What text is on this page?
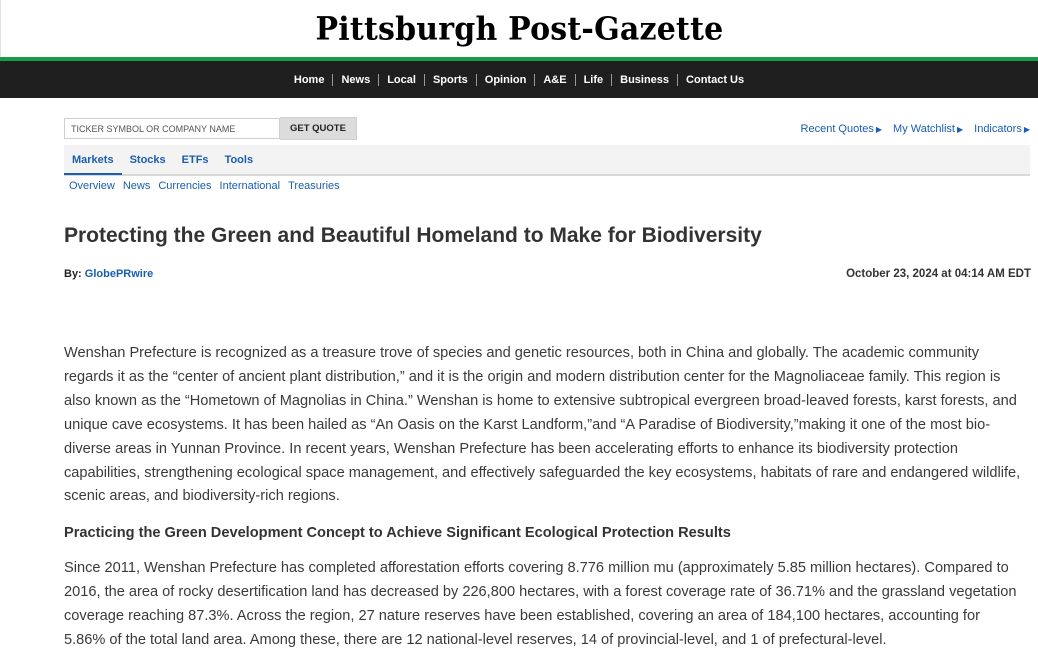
Pittsburgh Post-Gazette
Home	News	Local	Sports	Opinion	A&E	Life	Business	Contact Us
TICKER SYMBOL OR COMPANY NAME
GET QUOTE	Recent Quotes ▶ My Watchlist ▶ Indicators ▶
Markets	Stocks	ETFs	Tools
Overview News Currencies International Treasuries
Protecting the Green and Beautiful Homeland to Make for Biodiversity
By: GlobePRwire	October 23, 2024 at 04:14 AM EDT

Wenshan Prefecture is recognized as a treasure trove of species and genetic resources, both in China and globally. The academic community regards it as the “center of ancient plant distribution,” and it is the origin and modern distribution center for the Magnoliaceae family. This region is also known as the “Hometown of Magnolias in China.” Wenshan is home to extensive subtropical evergreen broad-leaved forests, karst forests, and unique cave ecosystems. It has been hailed as “An Oasis on the Karst Landform,”and “A Paradise of Biodiversity,”making it one of the most bio-diverse areas in Yunnan Province. In recent years, Wenshan Prefecture has been accelerating efforts to enhance its biodiversity protection capabilities, strengthening ecological space management, and effectively safeguarded the key ecosystems, habitats of rare and endangered wildlife, scenic areas, and biodiversity-rich regions.

Practicing the Green Development Concept to Achieve Significant Ecological Protection Results

Since 2011, Wenshan Prefecture has completed afforestation efforts covering 8.776 million mu (approximately 5.85 million hectares). Compared to 2016, the area of rocky desertification land has decreased by 226,800 hectares, with a forest coverage rate of 36.71% and the grassland vegetation coverage reaching 87.3%. Across the region, 27 nature reserves have been established, covering an area of 184,100 hectares, accounting for 5.86% of the total land area. Among these, there are 12 national-level reserves, 14 of provincial-level, and 1 of prefectural-level.
